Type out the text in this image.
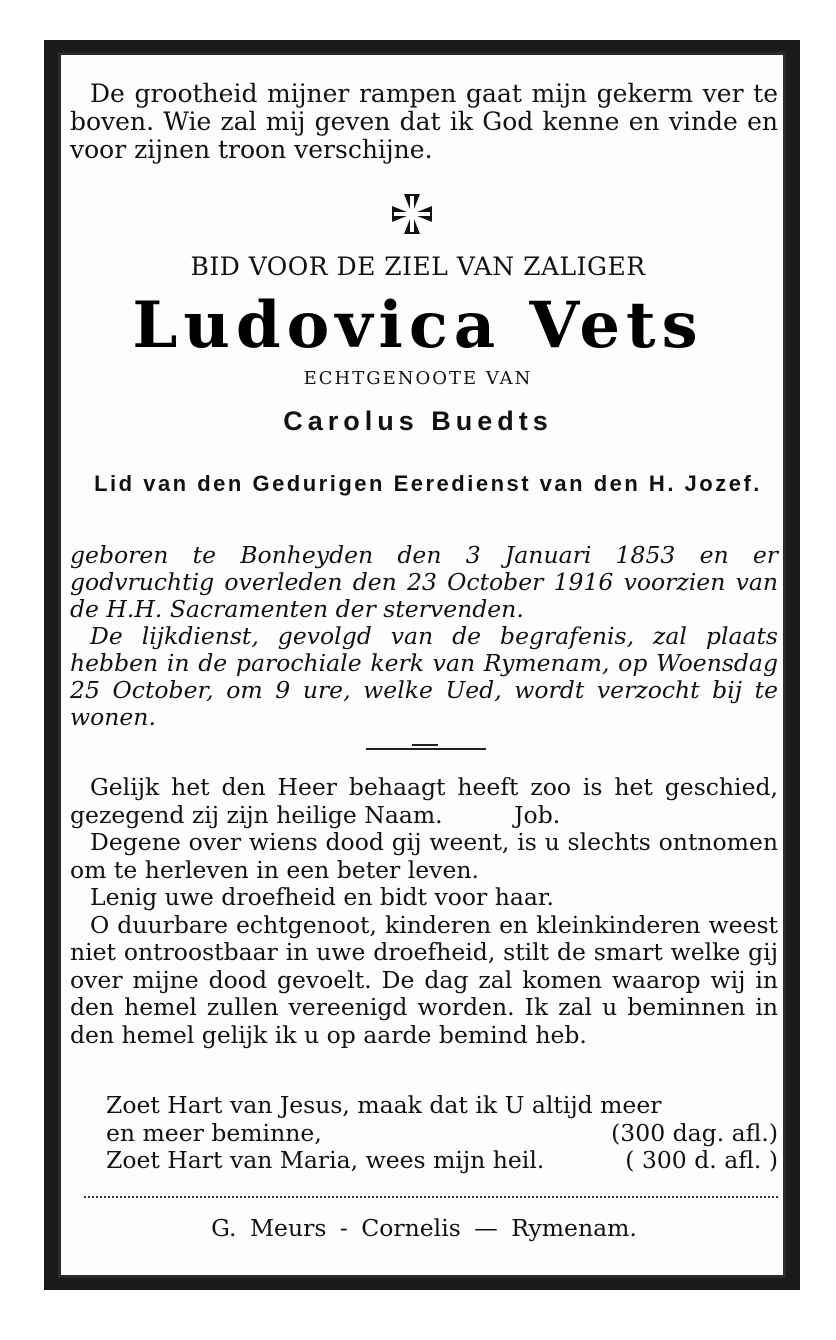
De grootheid mijner rampen gaat mijn gekerm ver te boven. Wie zal mij geven dat ik God kenne en vinde en voor zijnen troon verschijne.

BID VOOR DE ZIEL VAN ZALIGER
Ludovica Vets
ECHTGENOOTE VAN
Carolus Buedts
Lid van den Gedurigen Eeredienst van den H. Jozef.

geboren te Bonheyden den 3 Januari 1853 en er godvruchtig overleden den 23 October 1916 voorzien van de H.H. Sacramenten der stervenden.

De lijkdienst, gevolgd van de begrafenis, zal plaats hebben in de parochiale kerk van Rymenam, op Woensdag 25 October, om 9 ure, welke Ued, wordt verzocht bij te wonen.

Gelijk het den Heer behaagt heeft zoo is het geschied, gezegend zij zijn heilige Naam.	Job.

Degene over wiens dood gij weent, is u slechts ontnomen om te herleven in een beter leven.

Lenig uwe droefheid en bidt voor haar.

O duurbare echtgenoot, kinderen en kleinkinderen weest niet ontroostbaar in uwe droefheid, stilt de smart welke gij over mijne dood gevoelt. De dag zal komen waarop wij in den hemel zullen vereenigd worden. Ik zal u beminnen in den hemel gelijk ik u op aarde bemind heb.

Zoet Hart van Jesus, maak dat ik U altijd meer
en meer beminne,	(300 dag. afl.)
Zoet Hart van Maria, wees mijn heil.	( 300 d. afl. )
G. Meurs - Cornelis — Rymenam.
